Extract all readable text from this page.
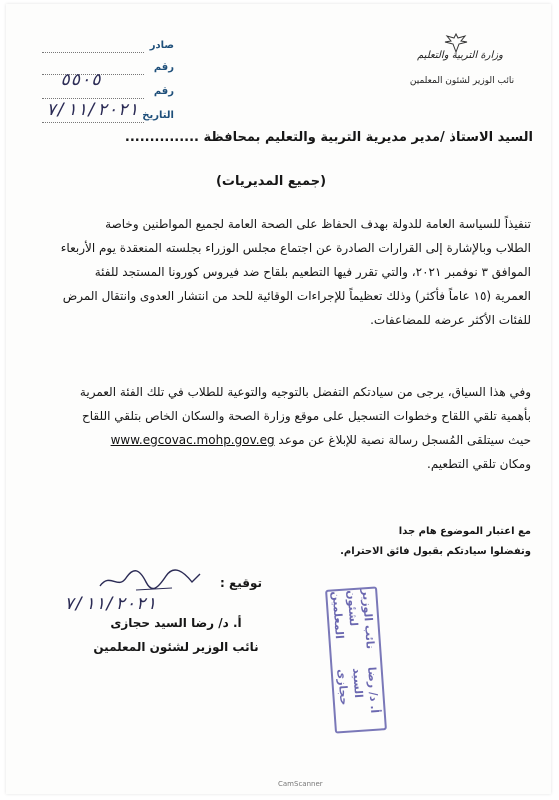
وزارة التربية والتعليم
نائب الوزير لشئون المعلمين
صادر
رقم
رقم
التاريخ
٥٥٠٥
٧/١١/٢٠٢١
السيد الاستاذ /مدير مديرية التربية والتعليم بمحافظة ...............
(جميع المديريات)
تنفيذاً للسياسة العامة للدولة بهدف الحفاظ على الصحة العامة لجميع المواطنين وخاصة
الطلاب وبالإشارة إلى القرارات الصادرة عن اجتماع مجلس الوزراء بجلسته المنعقدة يوم الأربعاء
الموافق ٣ نوفمبر ٢٠٢١، والتي تقرر فيها التطعيم بلقاح ضد فيروس كورونا المستجد للفئة
العمرية (١٥ عاماً فأكثر) وذلك تعظيماً للإجراءات الوقائية للحد من انتشار العدوى وانتقال المرض
للفئات الأكثر عرضه للمضاعفات.
وفي هذا السياق، يرجى من سيادتكم التفضل بالتوجيه والتوعية للطلاب في تلك الفئة العمرية
بأهمية تلقي اللقاح وخطوات التسجيل على موقع وزارة الصحة والسكان الخاص بتلقي اللقاح
حيث سيتلقى المُسجل رسالة نصية للإبلاغ عن موعد www.egcovac.mohp.gov.eg
ومكان تلقي التطعيم.
مع اعتبار الموضوع هام جدا
وتفضلوا سيادتكم بقبول فائق الاحترام.
توقيع :
٧/١١/٢٠٢١
أ. د/ رضا السيد حجازى
نائب الوزير لشئون المعلمين	نائب الوزير لشئون المعلمين
أ. د/ رضا السيد حجازى
CamScanner
